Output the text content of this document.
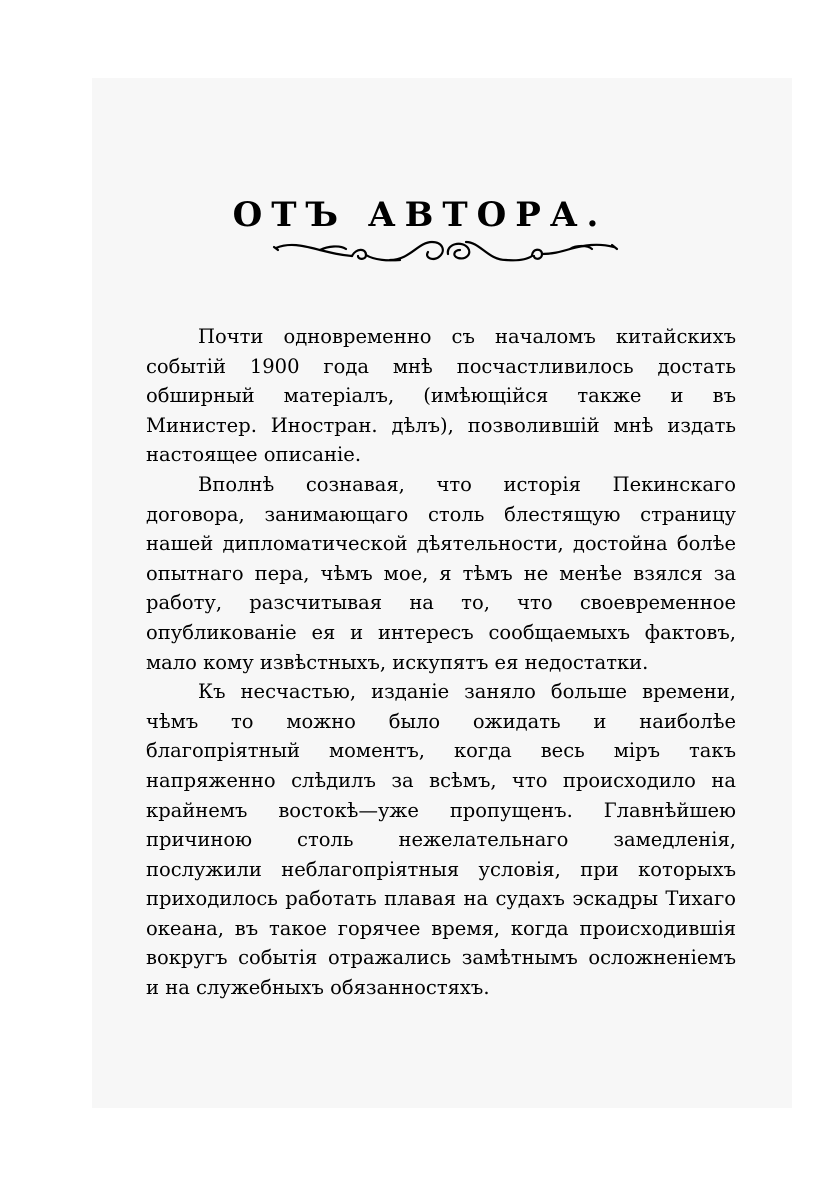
ОТЪ АВТОРА.

Почти одновременно съ началомъ китайскихъ событій 1900 года мнѣ посчастливилось достать обширный матеріалъ, (имѣющійся также и въ Министер. Иностран. дѣлъ), позволившій мнѣ издать настоящее описаніе.

Вполнѣ сознавая, что исторія Пекинскаго договора, занимающаго столь блестящую страницу нашей дипломатической дѣятельности, достойна болѣе опытнаго пера, чѣмъ мое, я тѣмъ не менѣе взялся за работу, разсчитывая на то, что своевременное опубликованіе ея и интересъ сообщаемыхъ фактовъ, мало кому извѣстныхъ, искупятъ ея недостатки.

Къ несчастью, изданіе заняло больше времени, чѣмъ то можно было ожидать и наиболѣе благопріятный моментъ, когда весь міръ такъ напряженно слѣдилъ за всѣмъ, что происходило на крайнемъ востокѣ—уже пропущенъ. Главнѣйшею причиною столь нежелательнаго замедленія, послужили неблагопріятныя условія, при которыхъ приходилось работать плавая на судахъ эскадры Тихаго океана, въ такое горячее время, когда происходившія вокругъ событія отражались замѣтнымъ осложненіемъ и на служебныхъ обязанностяхъ.
